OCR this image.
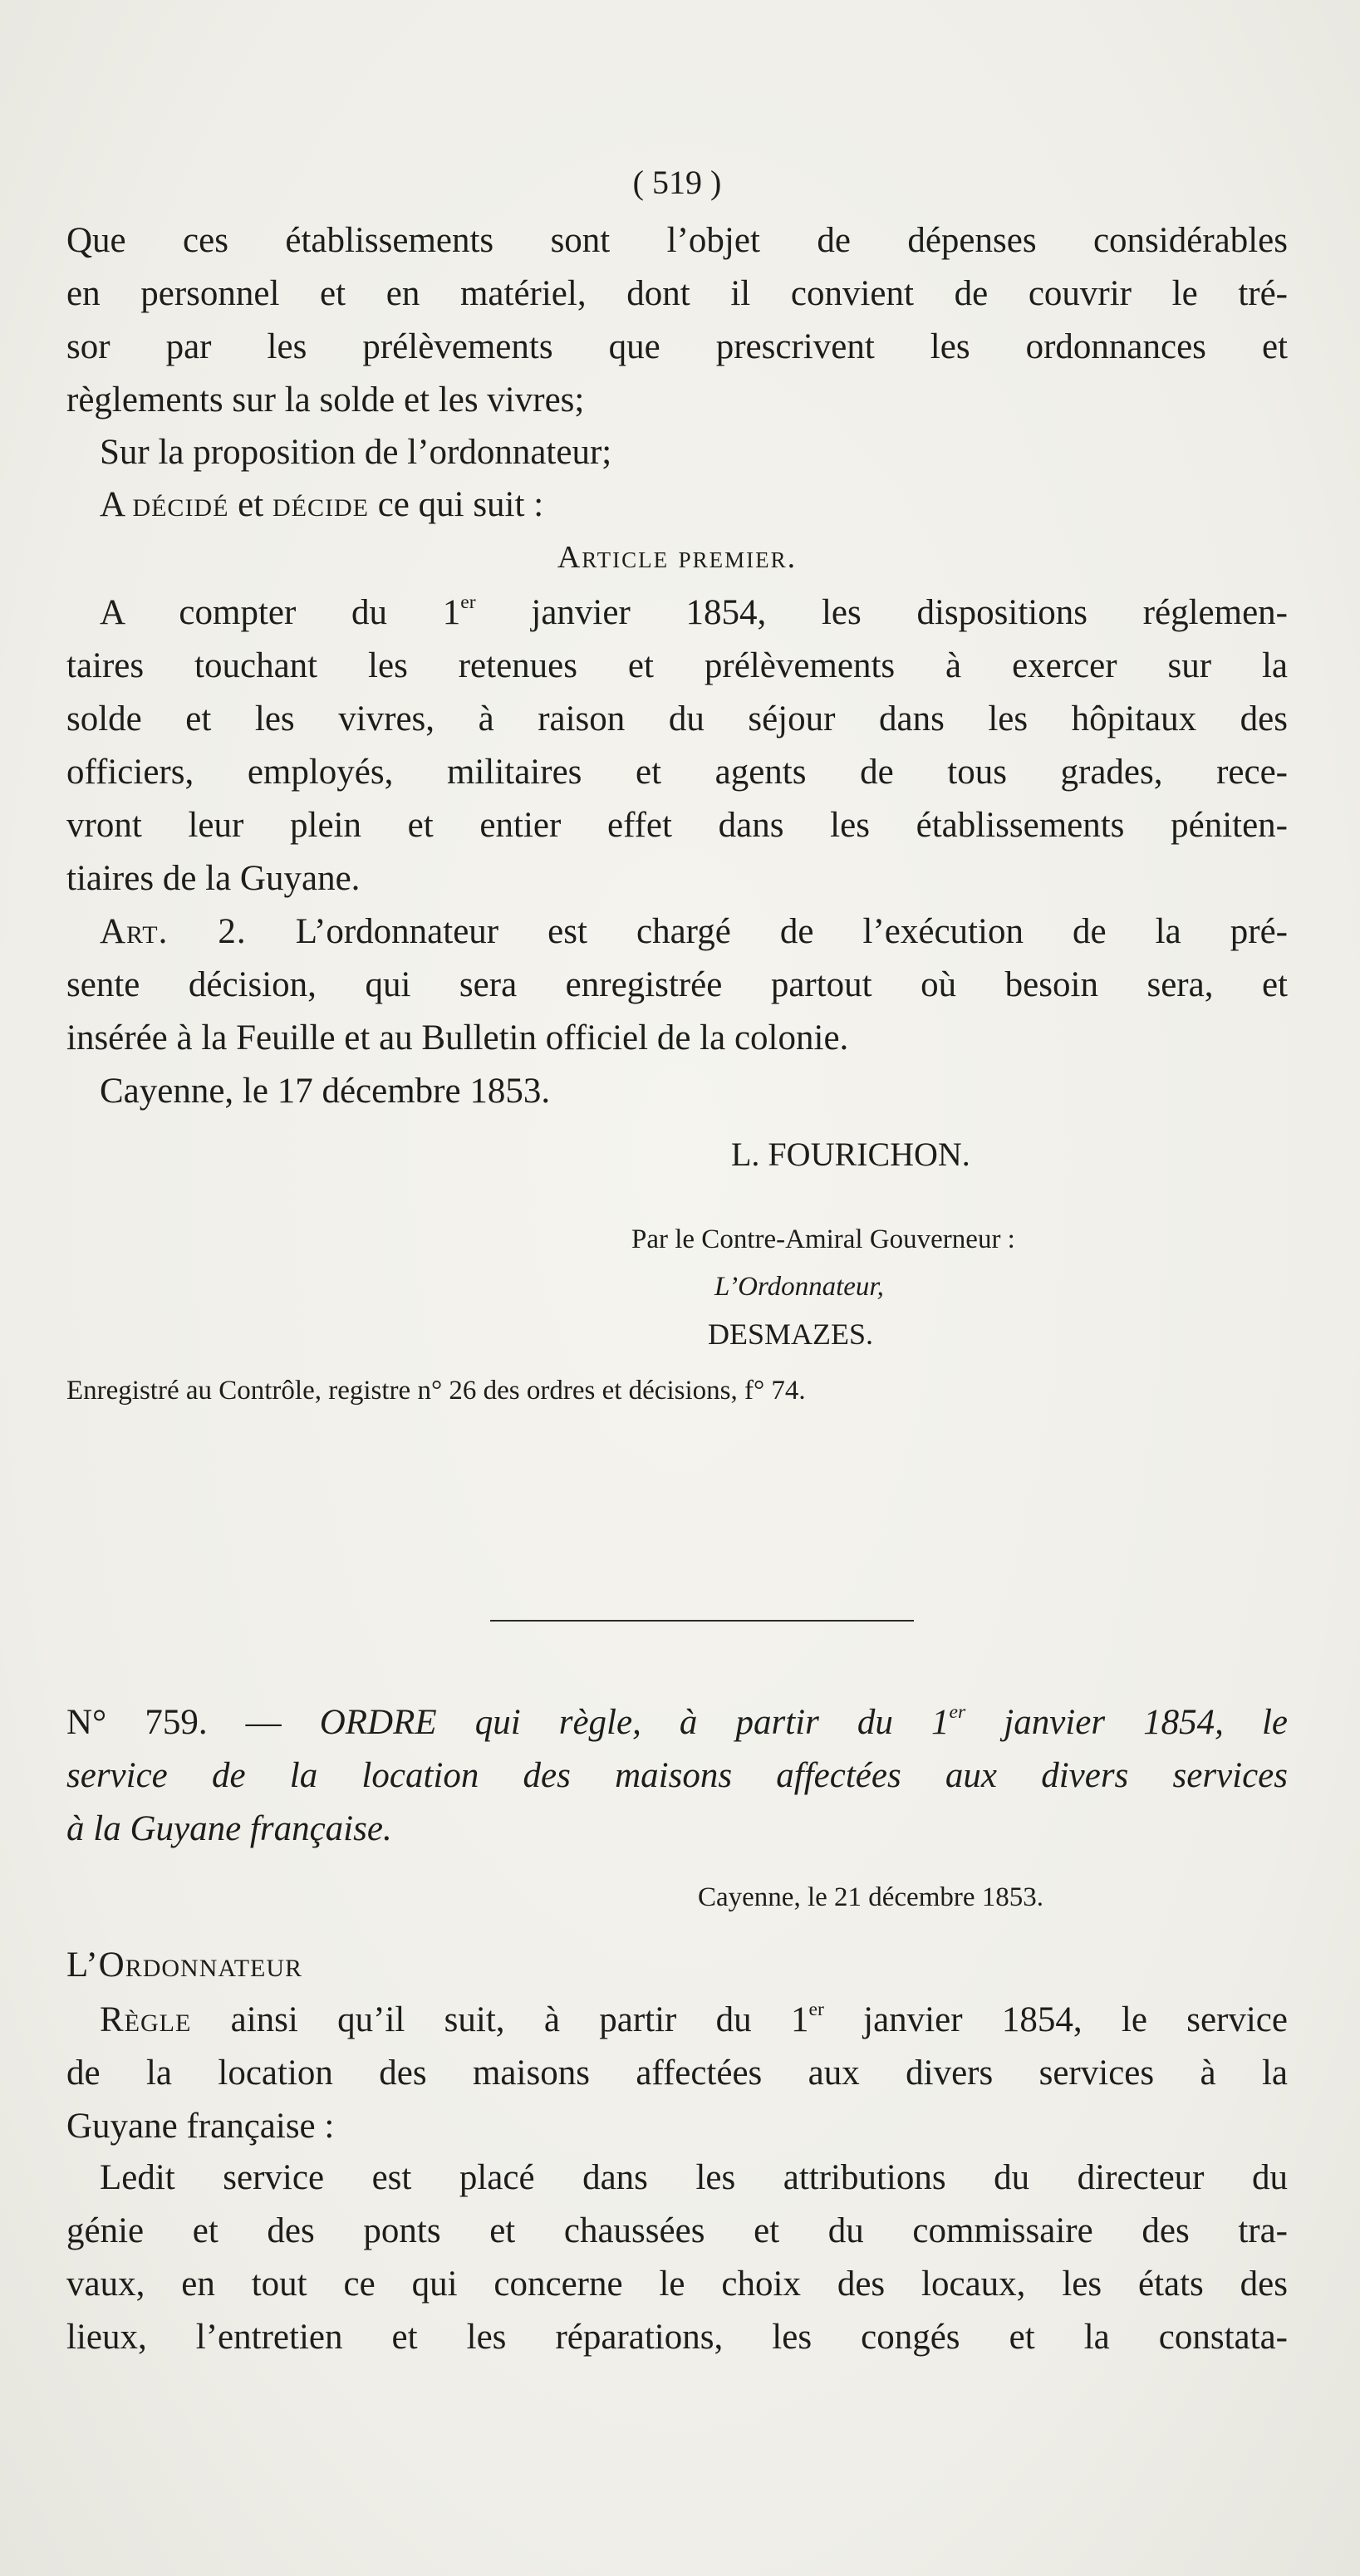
( 519 )
Que ces établissements sont l’objet de dépenses considérables
en personnel et en matériel, dont il convient de couvrir le tré-
sor par les prélèvements que prescrivent les ordonnances et
règlements sur la solde et les vivres;
Sur la proposition de l’ordonnateur;
A décidé et décide ce qui suit :
Article premier.
A compter du 1er janvier 1854, les dispositions réglemen-
taires touchant les retenues et prélèvements à exercer sur la
solde et les vivres, à raison du séjour dans les hôpitaux des
officiers, employés, militaires et agents de tous grades, rece-
vront leur plein et entier effet dans les établissements péniten-
tiaires de la Guyane.
Art. 2. L’ordonnateur est chargé de l’exécution de la pré-
sente décision, qui sera enregistrée partout où besoin sera, et
insérée à la Feuille et au Bulletin officiel de la colonie.
Cayenne, le 17 décembre 1853.
L. FOURICHON.
Par le Contre-Amiral Gouverneur :
L’Ordonnateur,
DESMAZES.
Enregistré au Contrôle, registre n° 26 des ordres et décisions, f° 74.
N° 759. — ORDRE qui règle, à partir du 1er janvier 1854, le
service de la location des maisons affectées aux divers services
à la Guyane française.
Cayenne, le 21 décembre 1853.
L’Ordonnateur
Règle ainsi qu’il suit, à partir du 1er janvier 1854, le service
de la location des maisons affectées aux divers services à la
Guyane française :
Ledit service est placé dans les attributions du directeur du
génie et des ponts et chaussées et du commissaire des tra-
vaux, en tout ce qui concerne le choix des locaux, les états des
lieux, l’entretien et les réparations, les congés et la constata-
